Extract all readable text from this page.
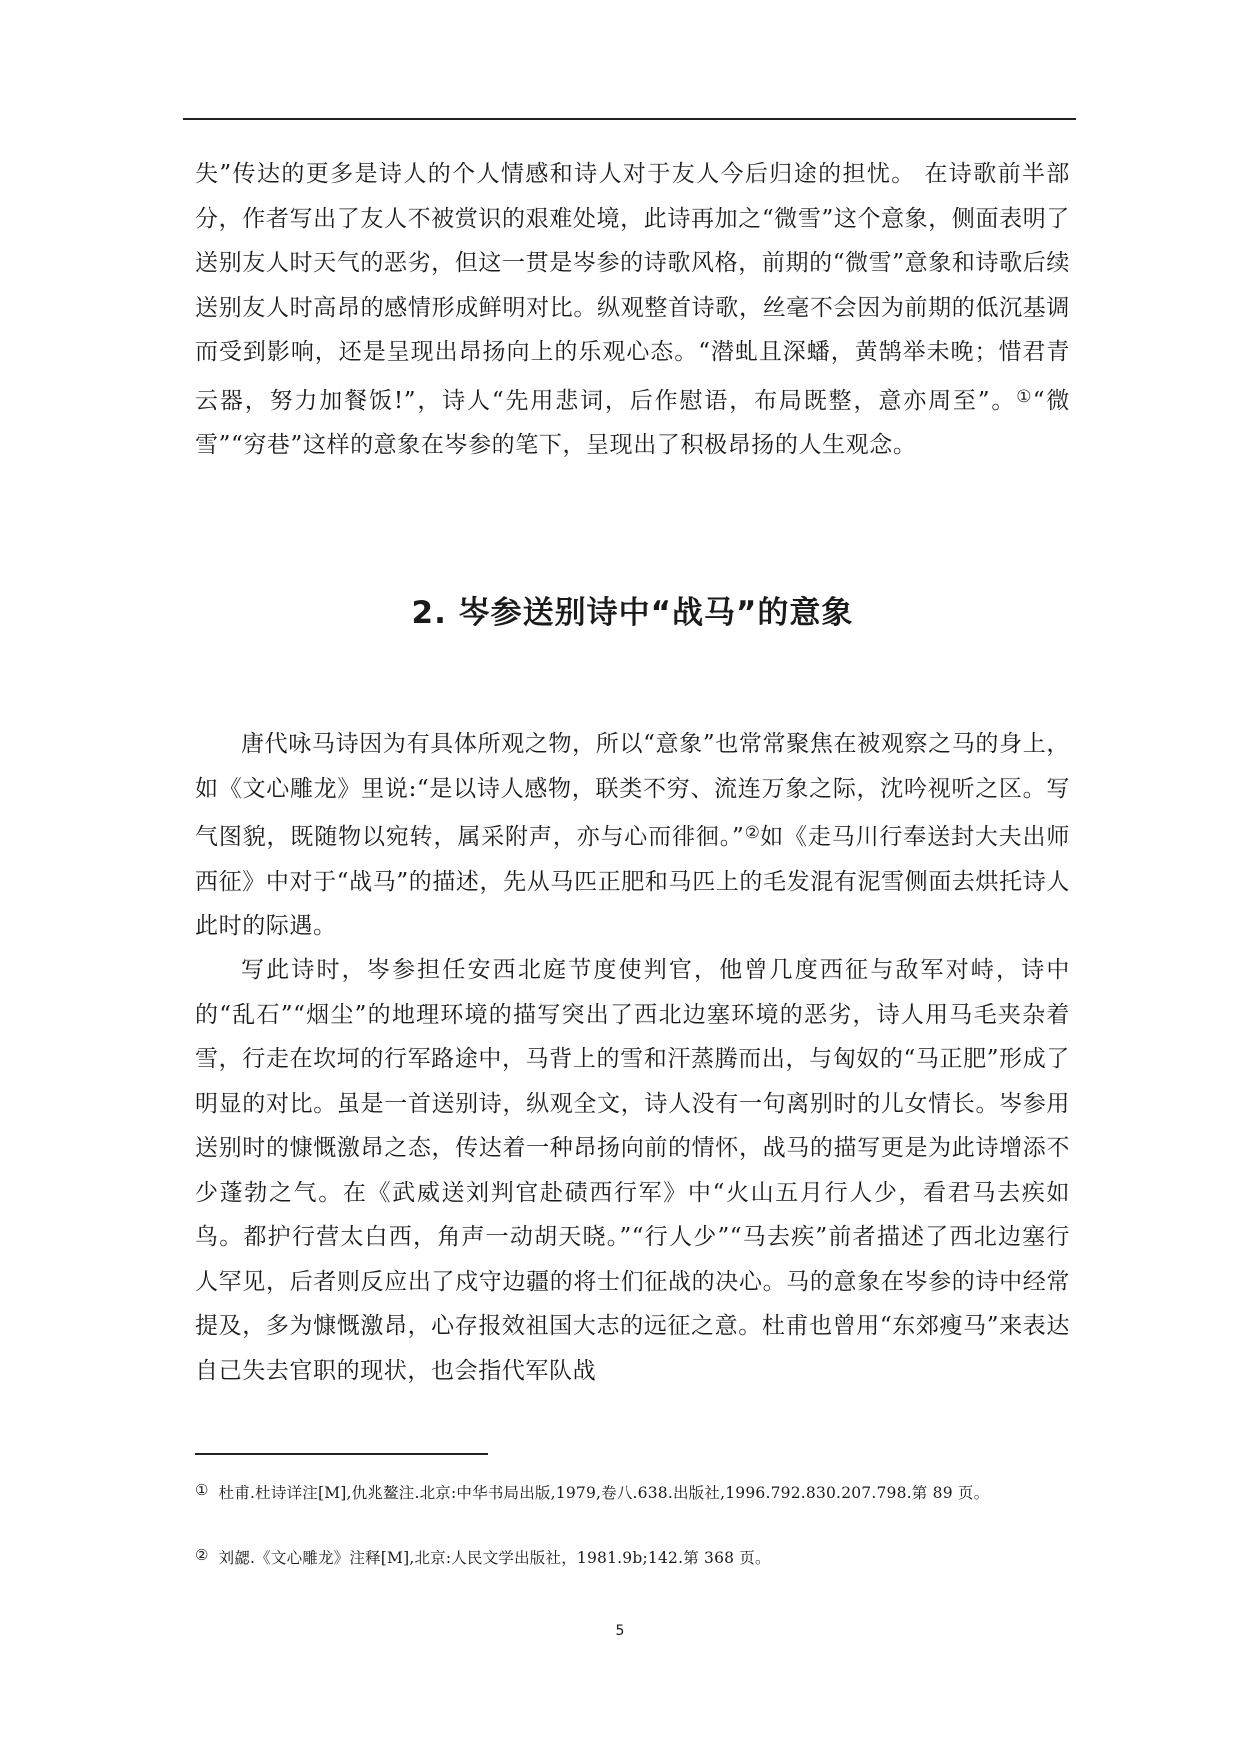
失”传达的更多是诗人的个人情感和诗人对于友人今后归途的担忧。 在诗歌前半部分，作者写出了友人不被赏识的艰难处境，此诗再加之“微雪”这个意象，侧面表明了送别友人时天气的恶劣，但这一贯是岑参的诗歌风格，前期的“微雪”意象和诗歌后续送别友人时高昂的感情形成鲜明对比。纵观整首诗歌，丝毫不会因为前期的低沉基调而受到影响，还是呈现出昂扬向上的乐观心态。“潜虬且深蟠，黄鹄举未晚；惜君青云器，努力加餐饭!”，诗人“先用悲词，后作慰语，布局既整，意亦周至”。①“微雪”“穷巷”这样的意象在岑参的笔下，呈现出了积极昂扬的人生观念。

2. 岑参送别诗中“战马”的意象

唐代咏马诗因为有具体所观之物，所以“意象”也常常聚焦在被观察之马的身上，如《文心雕龙》里说:“是以诗人感物，联类不穷、流连万象之际，沈吟视听之区。写气图貌，既随物以宛转，属采附声，亦与心而徘徊。”②如《走马川行奉送封大夫出师西征》中对于“战马”的描述，先从马匹正肥和马匹上的毛发混有泥雪侧面去烘托诗人此时的际遇。

写此诗时，岑参担任安西北庭节度使判官，他曾几度西征与敌军对峙，诗中的“乱石”“烟尘”的地理环境的描写突出了西北边塞环境的恶劣，诗人用马毛夹杂着雪，行走在坎坷的行军路途中，马背上的雪和汗蒸腾而出，与匈奴的“马正肥”形成了明显的对比。虽是一首送别诗，纵观全文，诗人没有一句离别时的儿女情长。岑参用送别时的慷慨激昂之态，传达着一种昂扬向前的情怀，战马的描写更是为此诗增添不少蓬勃之气。在《武威送刘判官赴碛西行军》中“火山五月行人少，看君马去疾如鸟。都护行营太白西，角声一动胡天晓。”“行人少”“马去疾”前者描述了西北边塞行人罕见，后者则反应出了戍守边疆的将士们征战的决心。马的意象在岑参的诗中经常提及，多为慷慨激昂，心存报效祖国大志的远征之意。杜甫也曾用“东郊瘦马”来表达自己失去官职的现状，也会指代军队战

① 杜甫.杜诗详注[M],仇兆鳌注.北京:中华书局出版,1979,卷八.638.出版社,1996.792.830.207.798.第 89 页。

② 刘勰.《文心雕龙》注释[M],北京:人民文学出版社，1981.9b;142.第 368 页。

5
